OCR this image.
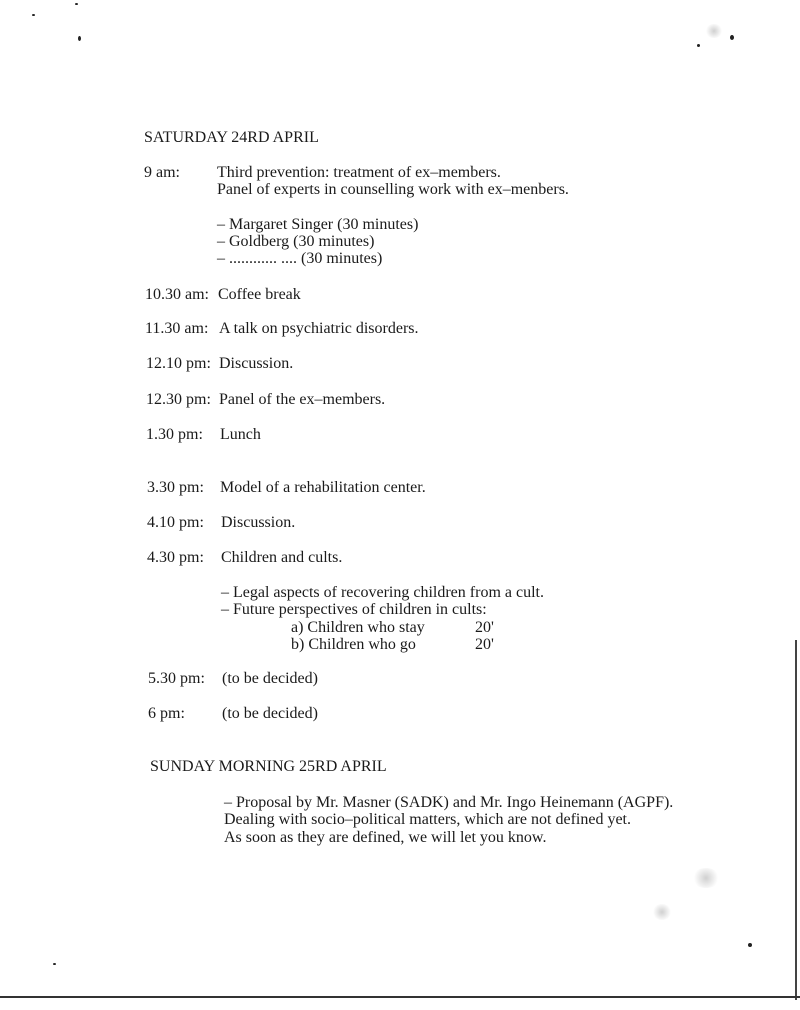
SATURDAY 24RD APRIL
9 am: Third prevention: treatment of ex–members.
Panel of experts in counselling work with ex–menbers.
– Margaret Singer (30 minutes)
– Goldberg (30 minutes)
– ............ .... (30 minutes)
10.30 am: Coffee break
11.30 am: A talk on psychiatric disorders.
12.10 pm: Discussion.
12.30 pm: Panel of the ex–members.
1.30 pm: Lunch
3.30 pm: Model of a rehabilitation center.
4.10 pm: Discussion.
4.30 pm: Children and cults.
– Legal aspects of recovering children from a cult.
– Future perspectives of children in cults:
a) Children who stay	20'
b) Children who go	20'
5.30 pm: (to be decided)
6 pm: (to be decided)
SUNDAY MORNING 25RD APRIL
– Proposal by Mr. Masner (SADK) and Mr. Ingo Heinemann (AGPF).
Dealing with socio–political matters, which are not defined yet.
As soon as they are defined, we will let you know.
